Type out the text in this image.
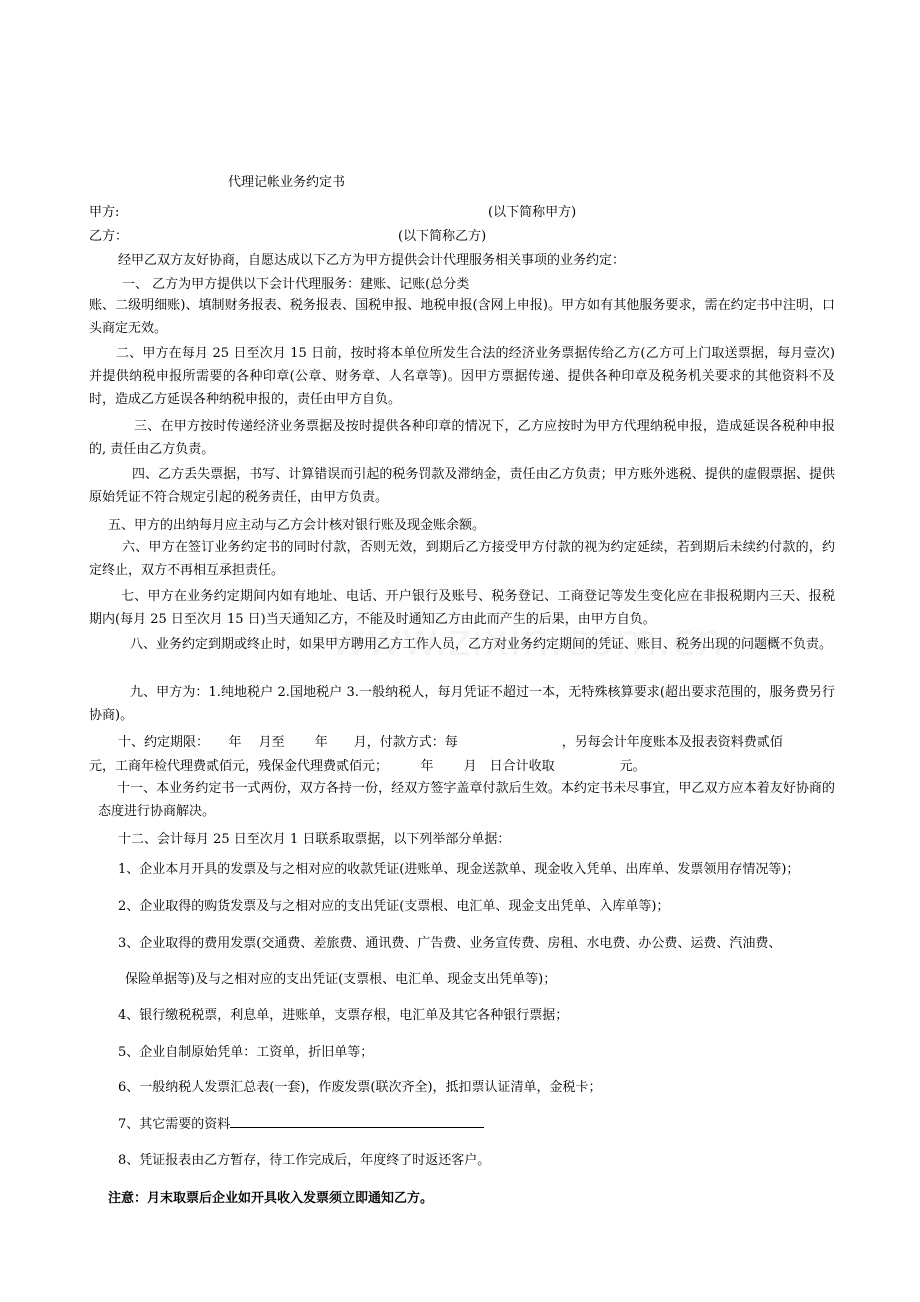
代理记帐业务约定书
甲方:	(以下简称甲方)
乙方：	(以下简称乙方)
经甲乙双方友好协商，自愿达成以下乙方为甲方提供会计代理服务相关事项的业务约定：
一、 乙方为甲方提供以下会计代理服务：建账、记账(总分类
账、二级明细账)、填制财务报表、税务报表、国税申报、地税申报(含网上申报)。甲方如有其他服务要求，需在约定书中注明，口头商定无效。
二、甲方在每月 25 日至次月 15 日前，按时将本单位所发生合法的经济业务票据传给乙方(乙方可上门取送票据，每月壹次)并提供纳税申报所需要的各种印章(公章、财务章、人名章等)。因甲方票据传递、提供各种印章及税务机关要求的其他资料不及时，造成乙方延误各种纳税申报的，责任由甲方自负。
三、在甲方按时传递经济业务票据及按时提供各种印章的情况下，乙方应按时为甲方代理纳税申报，造成延误各税种申报的, 责任由乙方负责。
四、乙方丢失票据，书写、计算错误而引起的税务罚款及滞纳金，责任由乙方负责；甲方账外逃税、提供的虚假票据、提供原始凭证不符合规定引起的税务责任，由甲方负责。
五、甲方的出纳每月应主动与乙方会计核对银行账及现金账余额。
六、甲方在签订业务约定书的同时付款，否则无效，到期后乙方接受甲方付款的视为约定延续，若到期后未续约付款的，约定终止，双方不再相互承担责任。
七、甲方在业务约定期间内如有地址、电话、开户银行及账号、税务登记、工商登记等发生变化应在非报税期内三天、报税期内(每月 25 日至次月 15 日)当天通知乙方，不能及时通知乙方由此而产生的后果，由甲方自负。
八、业务约定到期或终止时，如果甲方聘用乙方工作人员，乙方对业务约定期间的凭证、账目、税务出现的问题概不负责。
九、甲方为：1.纯地税户 2.国地税户 3.一般纳税人，每月凭证不超过一本，无特殊核算要求(超出要求范围的，服务费另行协商)。
十、约定期限：　　年　 月至　　 年　　月，付款方式：每　　　　　　　　，另每会计年度账本及报表资料费贰佰
元，工商年检代理费贰佰元，残保金代理费贰佰元；　　　年　　 月　日合计收取　　　　　元。
十一、本业务约定书一式两份，双方各持一份，经双方签字盖章付款后生效。本约定书未尽事宜，甲乙双方应本着友好协商的态度进行协商解决。
十二、会计每月 25 日至次月 1 日联系取票据，以下列举部分单据：
1、企业本月开具的发票及与之相对应的收款凭证(进账单、现金送款单、现金收入凭单、出库单、发票领用存情况等)；
2、企业取得的购货发票及与之相对应的支出凭证(支票根、电汇单、现金支出凭单、入库单等)；
3、企业取得的费用发票(交通费、差旅费、通讯费、广告费、业务宣传费、房租、水电费、办公费、运费、汽油费、
保险单据等)及与之相对应的支出凭证(支票根、电汇单、现金支出凭单等)；
4、银行缴税税票，利息单，进账单，支票存根，电汇单及其它各种银行票据；
5、企业自制原始凭单：工资单，折旧单等；
6、一般纳税人发票汇总表(一套)，作废发票(联次齐全)，抵扣票认证清单，金税卡；
7、其它需要的资料
8、凭证报表由乙方暂存，待工作完成后，年度终了时返还客户。
注意：月末取票后企业如开具收入发票须立即通知乙方。
